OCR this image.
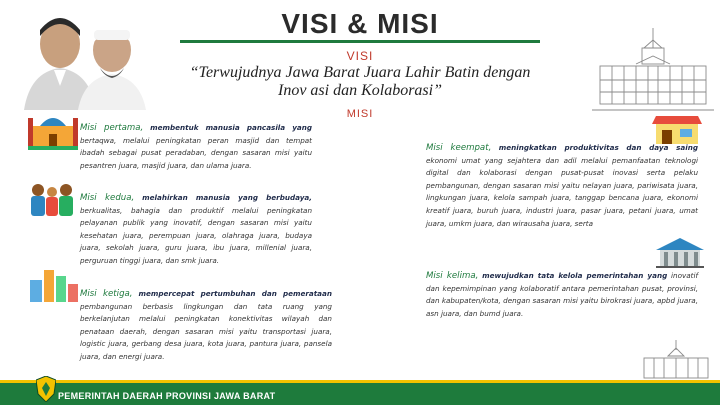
VISI & MISI
VISI
“Terwujudnya Jawa Barat Juara Lahir Batin dengan
Inov asi dan Kolaborasi”
MISI
Misi pertama, membentuk manusia pancasila yang bertaqwa, melalui peningkatan peran masjid dan tempat ibadah sebagai pusat peradaban, dengan sasaran misi yaitu pesantren juara, masjid juara, dan ulama juara.
Misi kedua, melahirkan manusia yang berbudaya, berkualitas, bahagia dan produktif melalui peningkatan pelayanan publik yang inovatif, dengan sasaran misi yaitu kesehatan juara, perempuan juara, olahraga juara, budaya juara, sekolah juara, guru juara, ibu juara, millenial juara, perguruan tinggi juara, dan smk juara.
Misi ketiga, mempercepat pertumbuhan dan pemerataan pembangunan berbasis lingkungan dan tata ruang yang berkelanjutan melalui peningkatan konektivitas wilayah dan penataan daerah, dengan sasaran misi yaitu transportasi juara, logistic juara, gerbang desa juara, kota juara, pantura juara, pansela juara, dan energi juara.
Misi keempat, meningkatkan produktivitas dan daya saing ekonomi umat yang sejahtera dan adil melalui pemanfaatan teknologi digital dan kolaborasi dengan pusat-pusat inovasi serta pelaku pembangunan, dengan sasaran misi yaitu nelayan juara, pariwisata juara, lingkungan juara, kelola sampah juara, tanggap bencana juara, ekonomi kreatif juara, buruh juara, industri juara, pasar juara, petani juara, umat juara, umkm juara, dan wirausaha juara, serta
Misi kelima, mewujudkan tata kelola pemerintahan yang inovatif dan kepemimpinan yang kolaboratif antara pemerintahan pusat, provinsi, dan kabupaten/kota, dengan sasaran misi yaitu birokrasi juara, apbd juara, asn juara, dan bumd juara.
PEMERINTAH DAERAH PROVINSI JAWA BARAT
